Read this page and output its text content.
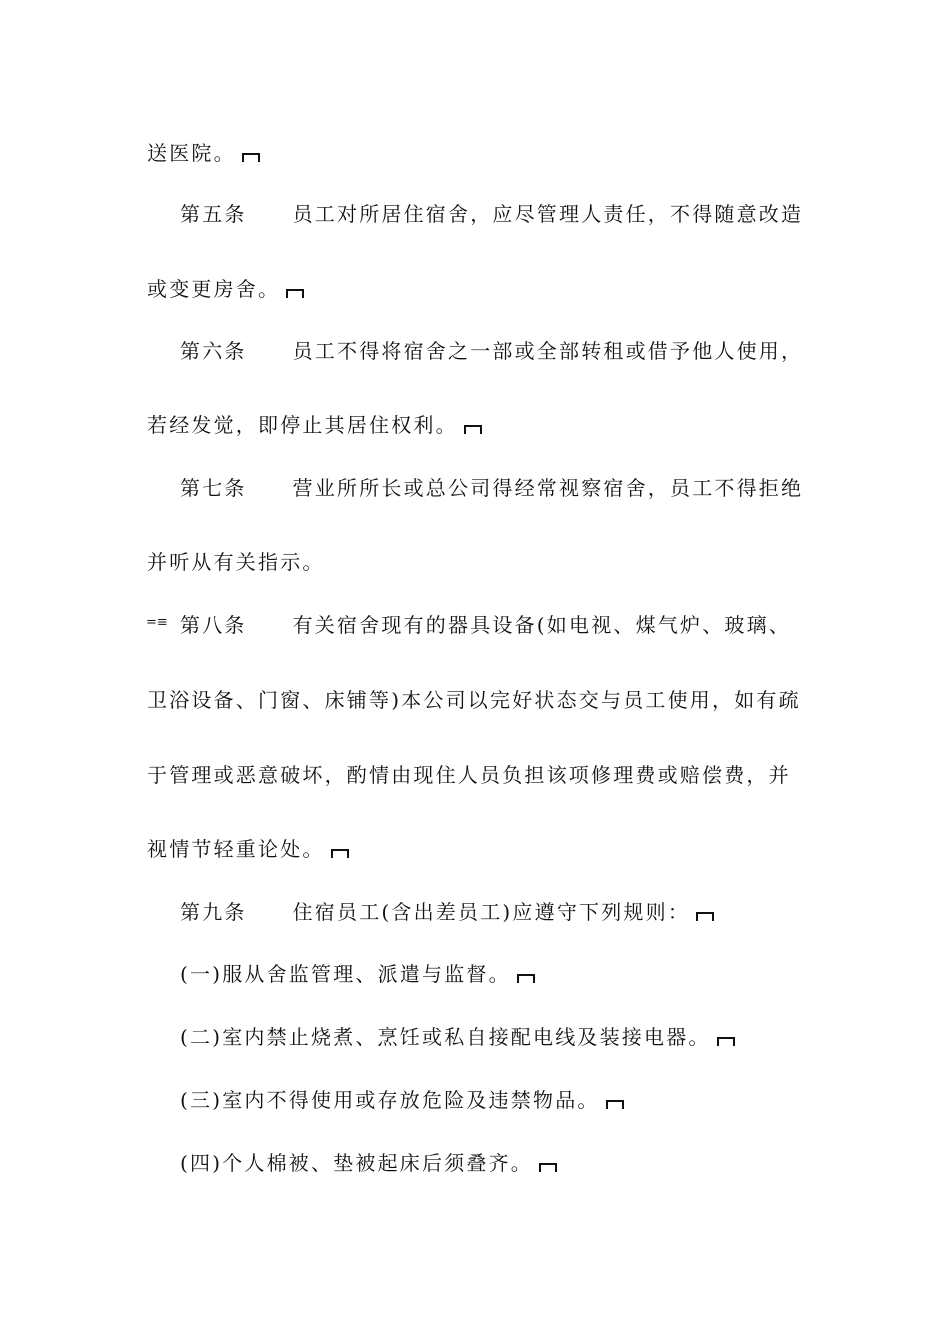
送医院。
第五条 员工对所居住宿舍，应尽管理人责任，不得随意改造
或变更房舍。
第六条 员工不得将宿舍之一部或全部转租或借予他人使用，
若经发觉，即停止其居住权利。
第七条 营业所所长或总公司得经常视察宿舍，员工不得拒绝
并听从有关指示。
=≡ 第八条 有关宿舍现有的器具设备(如电视、煤气炉、玻璃、
卫浴设备、门窗、床铺等)本公司以完好状态交与员工使用，如有疏
于管理或恶意破坏，酌情由现住人员负担该项修理费或赔偿费，并
视情节轻重论处。
第九条 住宿员工(含出差员工)应遵守下列规则：
(一)服从舍监管理、派遣与监督。
(二)室内禁止烧煮、烹饪或私自接配电线及装接电器。
(三)室内不得使用或存放危险及违禁物品。
(四)个人棉被、垫被起床后须叠齐。
